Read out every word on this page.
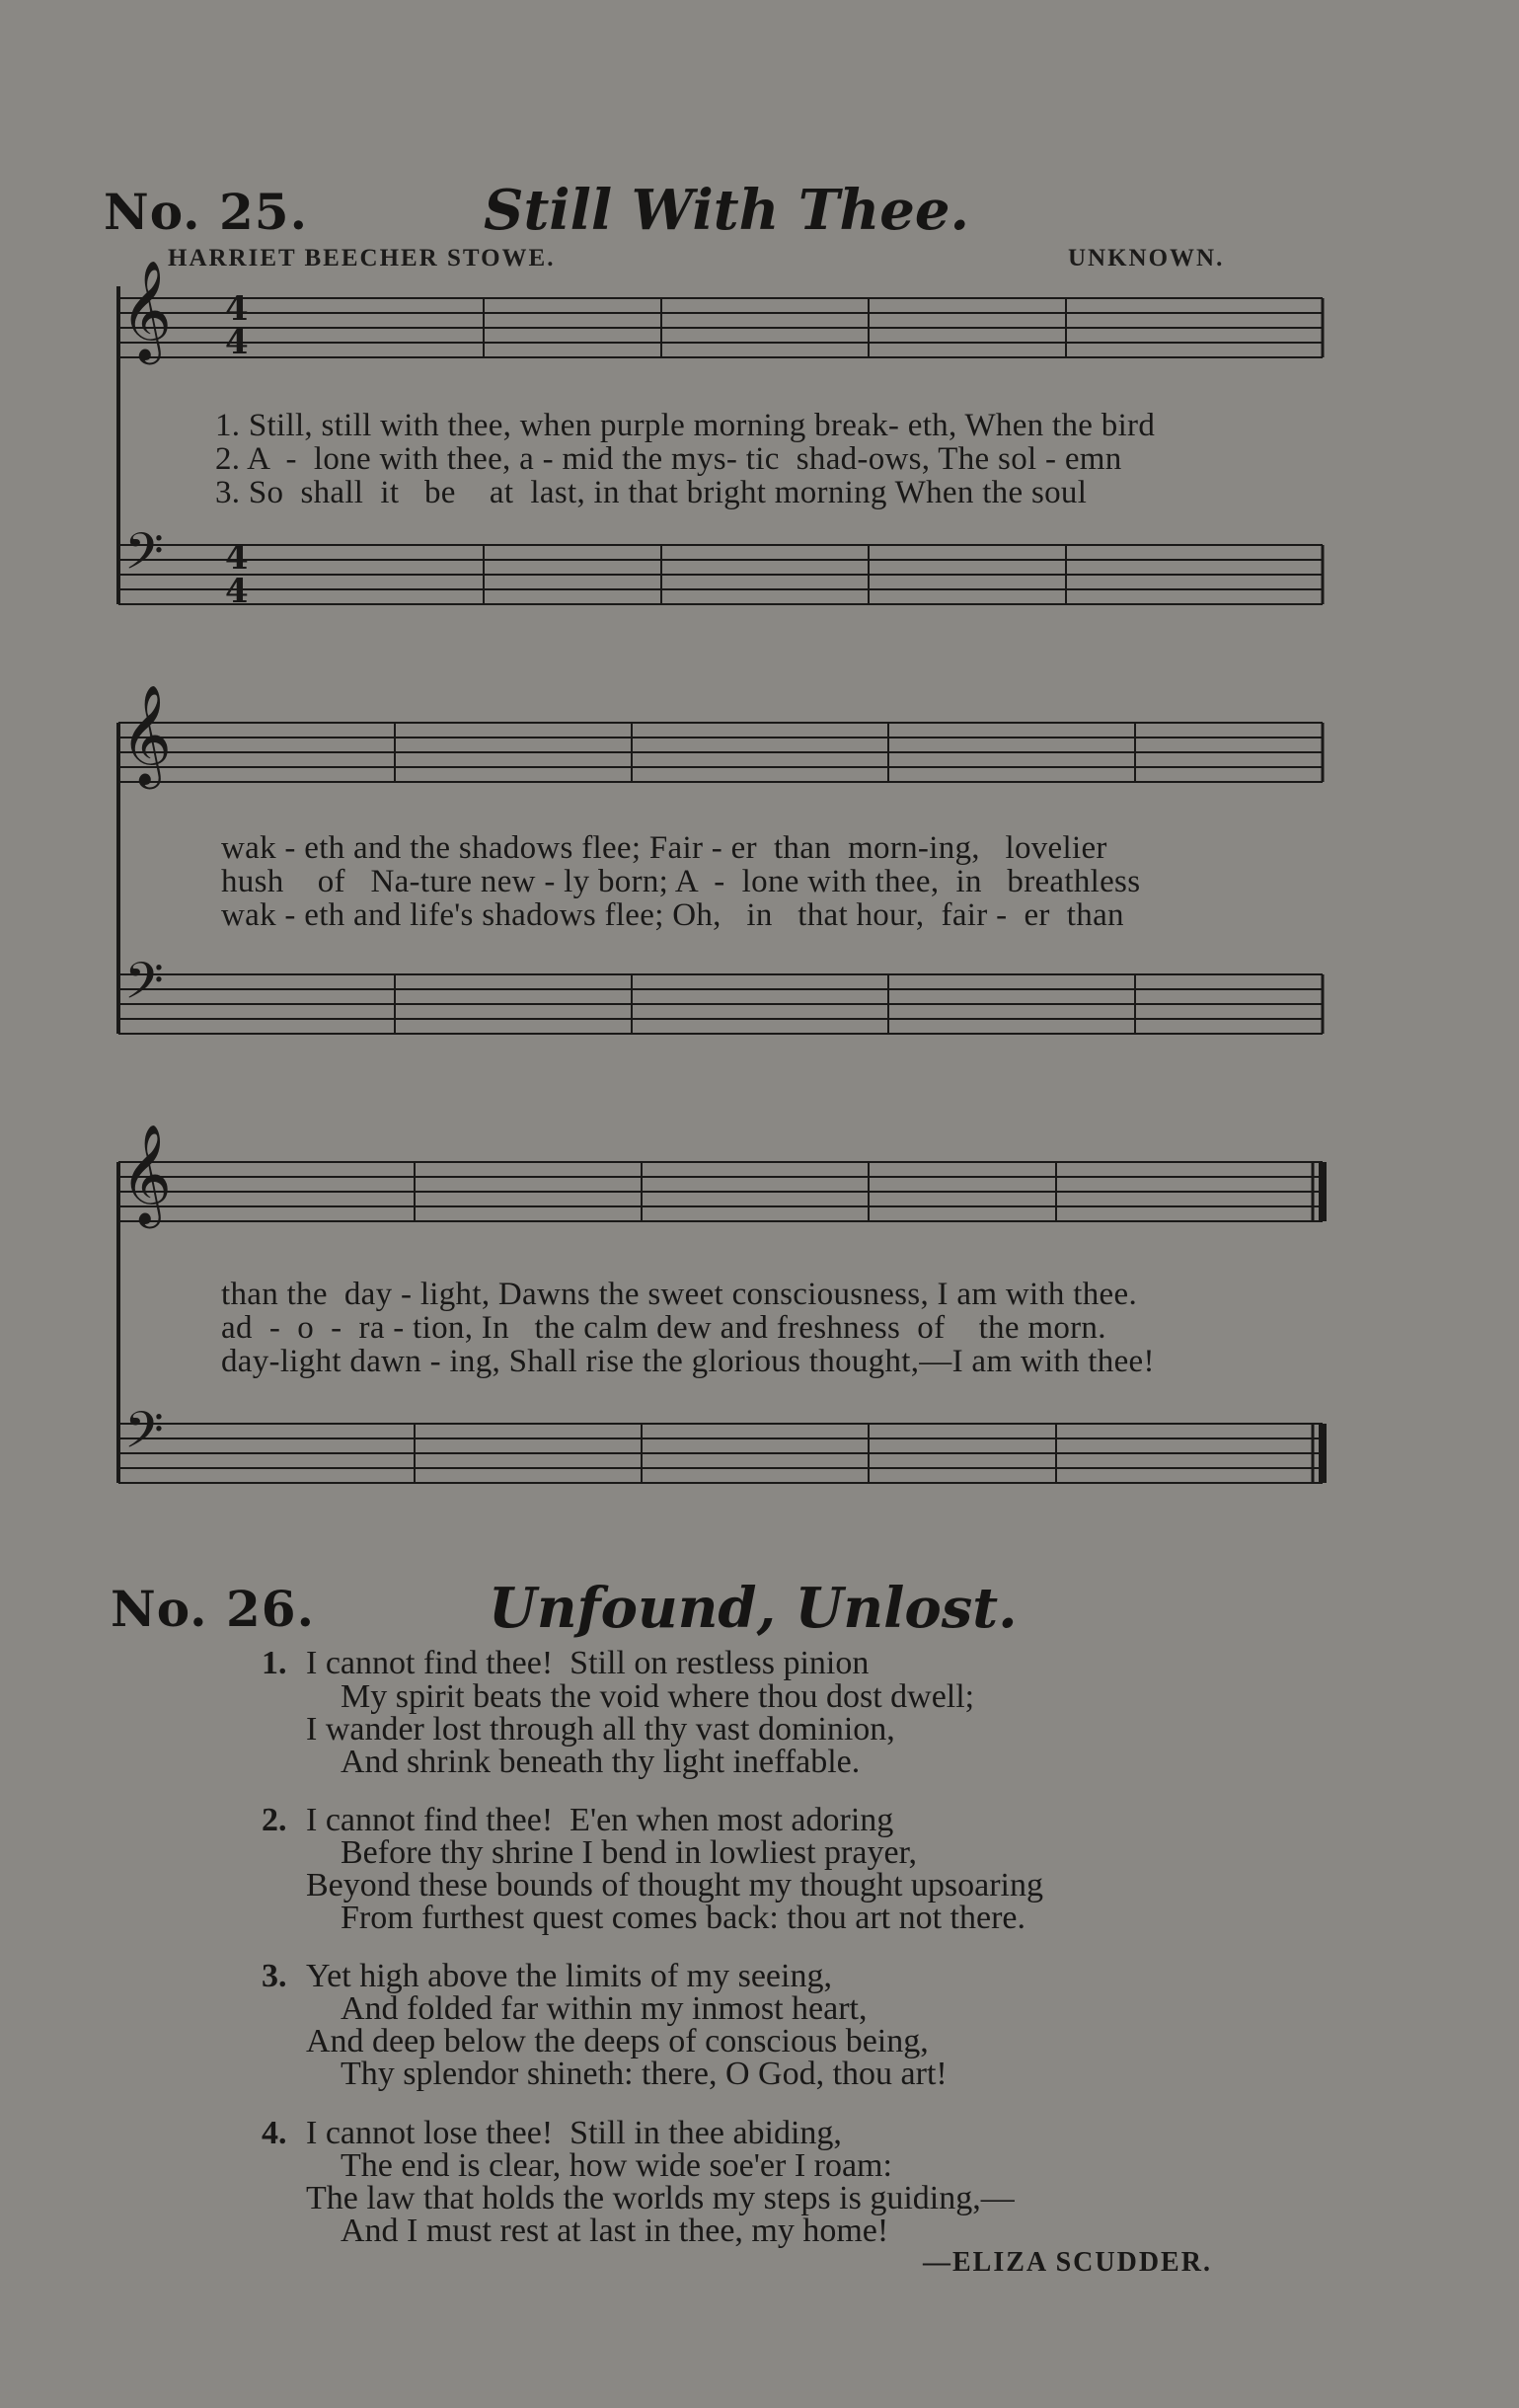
No. 25.	Still With Thee.
HARRIET BEECHER STOWE.	UNKNOWN.
𝄞 4
4
1. Still, still with thee, when purple morning break- eth, When the bird
2. A  -  lone with thee, a - mid the mys- tic  shad-ows, The sol - emn
3. So  shall  it   be    at  last, in that bright morning When the soul
𝄢 4
4
𝄞
wak - eth and the shadows flee; Fair - er  than  morn-ing,   lovelier
hush    of   Na-ture new - ly born; A  -  lone with thee,  in   breathless
wak - eth and life's shadows flee; Oh,   in   that hour,  fair -  er  than
𝄢
𝄞
than the  day - light, Dawns the sweet consciousness, I am with thee.
ad  -  o  -  ra - tion, In   the calm dew and freshness  of    the morn.
day-light dawn - ing, Shall rise the glorious thought,—I am with thee!
𝄢
No. 26.	Unfound, Unlost.
1. I cannot find thee!  Still on restless pinion
My spirit beats the void where thou dost dwell;
I wander lost through all thy vast dominion,
And shrink beneath thy light ineffable.
2. I cannot find thee!  E'en when most adoring
Before thy shrine I bend in lowliest prayer,
Beyond these bounds of thought my thought upsoaring
From furthest quest comes back: thou art not there.
3. Yet high above the limits of my seeing,
And folded far within my inmost heart,
And deep below the deeps of conscious being,
Thy splendor shineth: there, O God, thou art!
4. I cannot lose thee!  Still in thee abiding,
The end is clear, how wide soe'er I roam:
The law that holds the worlds my steps is guiding,—
And I must rest at last in thee, my home!
—ELIZA SCUDDER.
